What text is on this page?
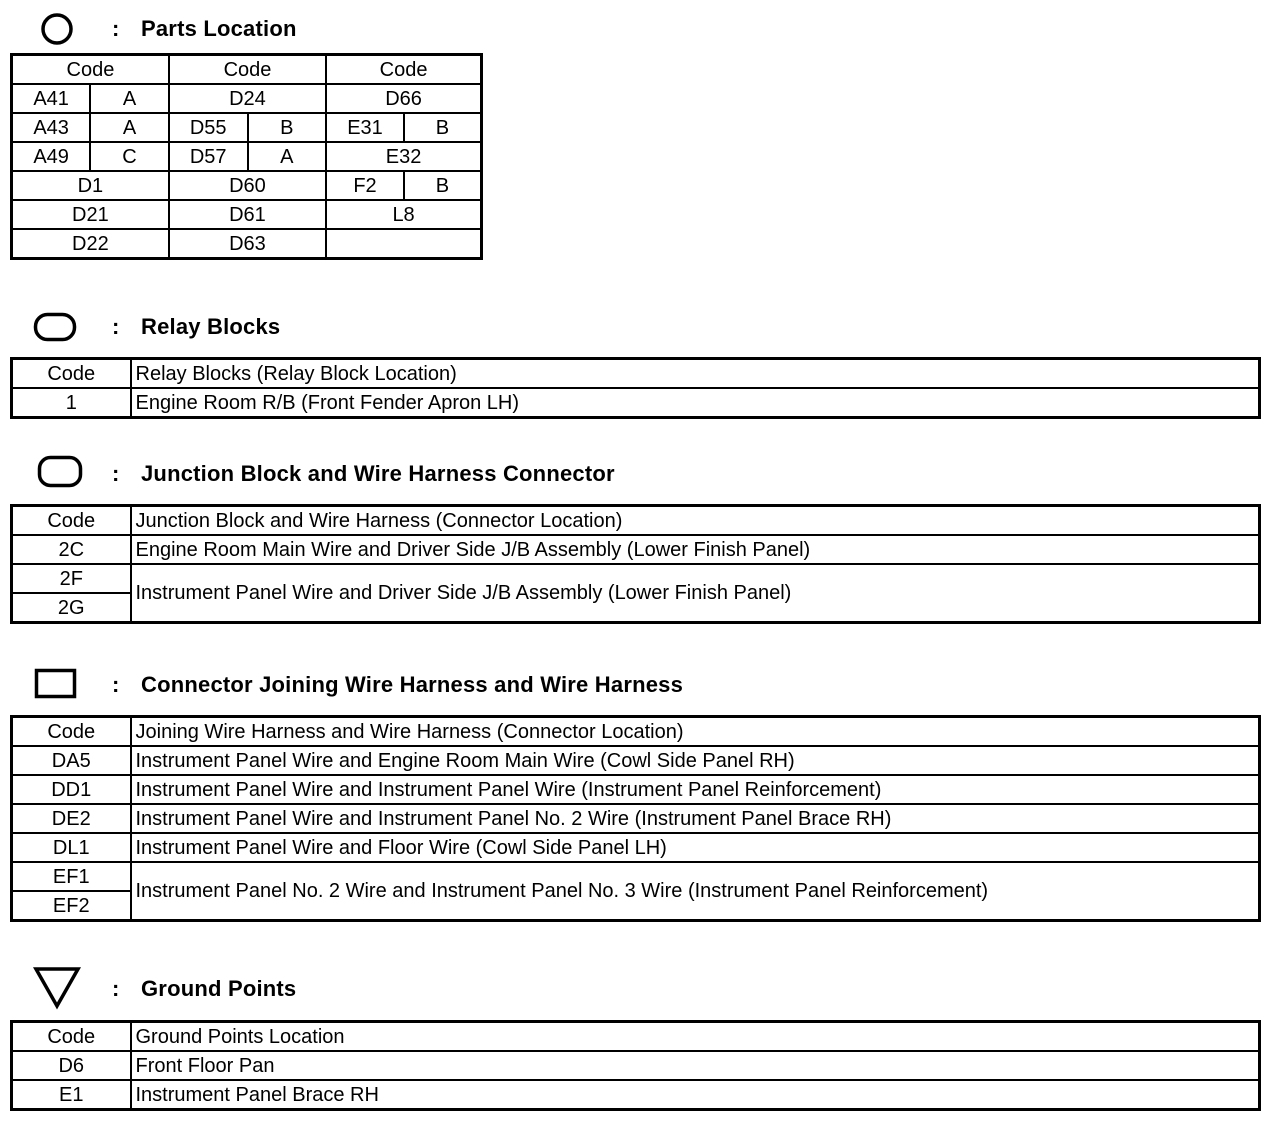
: Parts Location
Code		Code		Code	
A41	A	D24		D66	
A43	A	D55	B	E31	B
A49	C	D57	A	E32	
D1		D60		F2	B
D21		D61		L8	
D22		D63			
: Relay Blocks
Code	Relay Blocks (Relay Block Location)
1	Engine Room R/B (Front Fender Apron LH)
: Junction Block and Wire Harness Connector
Code	Junction Block and Wire Harness (Connector Location)
2C	Engine Room Main Wire and Driver Side J/B Assembly (Lower Finish Panel)
2F	Instrument Panel Wire and Driver Side J/B Assembly (Lower Finish Panel)
2G	
: Connector Joining Wire Harness and Wire Harness
Code	Joining Wire Harness and Wire Harness (Connector Location)
DA5	Instrument Panel Wire and Engine Room Main Wire (Cowl Side Panel RH)
DD1	Instrument Panel Wire and Instrument Panel Wire (Instrument Panel Reinforcement)
DE2	Instrument Panel Wire and Instrument Panel No. 2 Wire (Instrument Panel Brace RH)
DL1	Instrument Panel Wire and Floor Wire (Cowl Side Panel LH)
EF1	Instrument Panel No. 2 Wire and Instrument Panel No. 3 Wire (Instrument Panel Reinforcement)
EF2	
: Ground Points
Code	Ground Points Location
D6	Front Floor Pan
E1	Instrument Panel Brace RH
